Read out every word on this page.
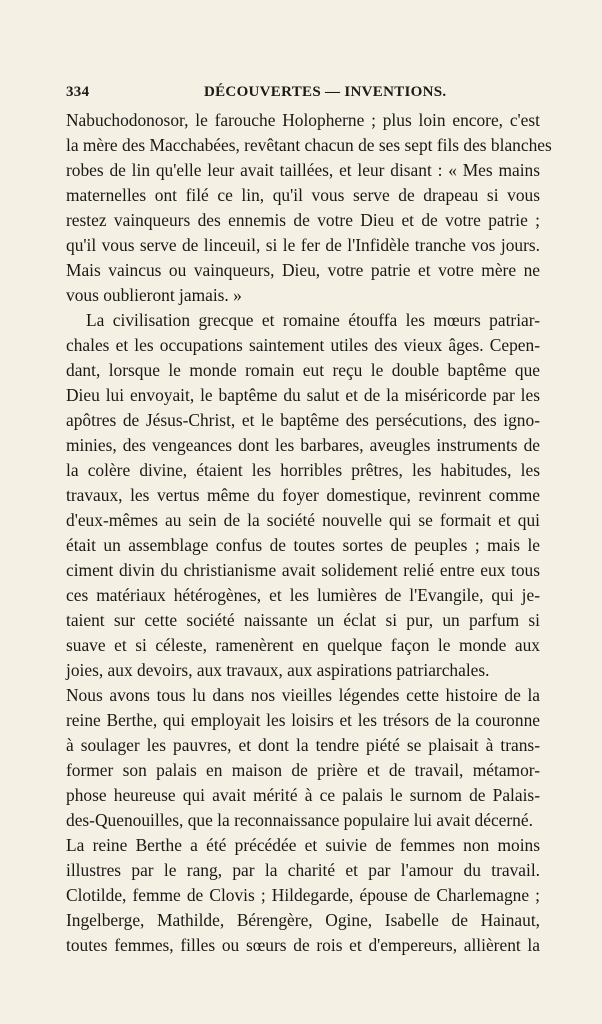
334	DÉCOUVERTES — INVENTIONS.
Nabuchodonosor, le farouche Holopherne ; plus loin encore, c'est
la mère des Macchabées, revêtant chacun de ses sept fils des blanches
robes de lin qu'elle leur avait taillées, et leur disant : « Mes mains
maternelles ont filé ce lin, qu'il vous serve de drapeau si vous
restez vainqueurs des ennemis de votre Dieu et de votre patrie ;
qu'il vous serve de linceuil, si le fer de l'Infidèle tranche vos jours.
Mais vaincus ou vainqueurs, Dieu, votre patrie et votre mère ne
vous oublieront jamais. »
La civilisation grecque et romaine étouffa les mœurs patriar-
chales et les occupations saintement utiles des vieux âges. Cepen-
dant, lorsque le monde romain eut reçu le double baptême que
Dieu lui envoyait, le baptême du salut et de la miséricorde par les
apôtres de Jésus-Christ, et le baptême des persécutions, des igno-
minies, des vengeances dont les barbares, aveugles instruments de
la colère divine, étaient les horribles prêtres, les habitudes, les
travaux, les vertus même du foyer domestique, revinrent comme
d'eux-mêmes au sein de la société nouvelle qui se formait et qui
était un assemblage confus de toutes sortes de peuples ; mais le
ciment divin du christianisme avait solidement relié entre eux tous
ces matériaux hétérogènes, et les lumières de l'Evangile, qui je-
taient sur cette société naissante un éclat si pur, un parfum si
suave et si céleste, ramenèrent en quelque façon le monde aux
joies, aux devoirs, aux travaux, aux aspirations patriarchales.
Nous avons tous lu dans nos vieilles légendes cette histoire de la
reine Berthe, qui employait les loisirs et les trésors de la couronne
à soulager les pauvres, et dont la tendre piété se plaisait à trans-
former son palais en maison de prière et de travail, métamor-
phose heureuse qui avait mérité à ce palais le surnom de Palais-
des-Quenouilles, que la reconnaissance populaire lui avait décerné.
La reine Berthe a été précédée et suivie de femmes non moins
illustres par le rang, par la charité et par l'amour du travail.
Clotilde, femme de Clovis ; Hildegarde, épouse de Charlemagne ;
Ingelberge, Mathilde, Bérengère, Ogine, Isabelle de Hainaut,
toutes femmes, filles ou sœurs de rois et d'empereurs, allièrent la
